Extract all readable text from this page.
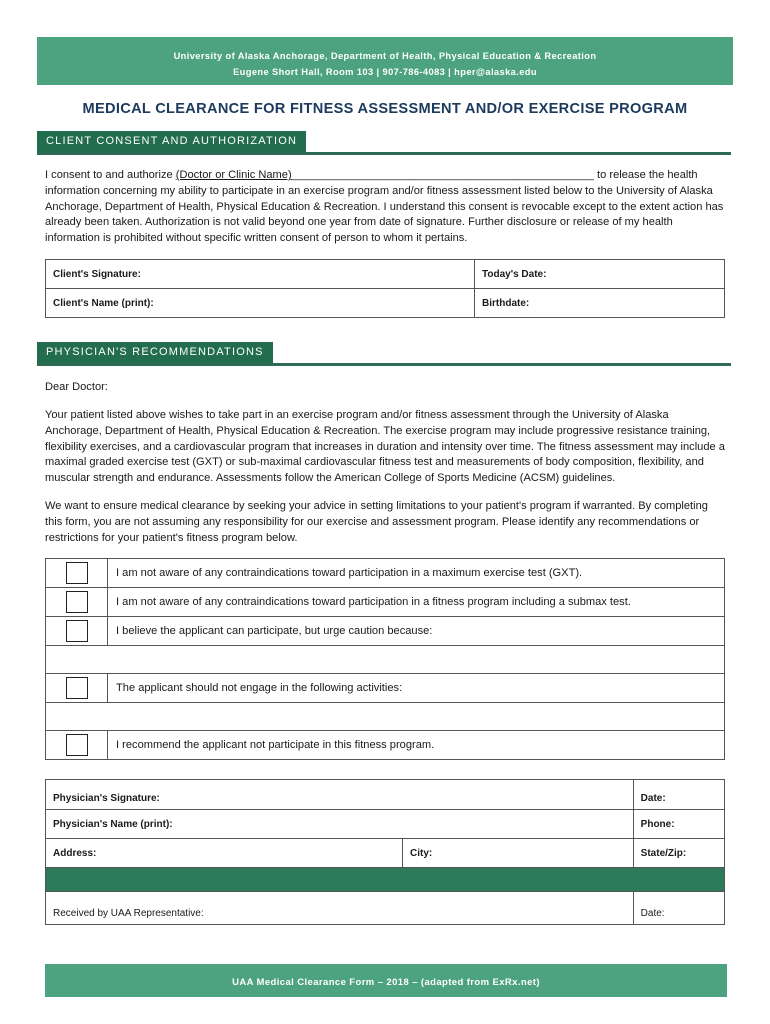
University of Alaska Anchorage, Department of Health, Physical Education & Recreation
Eugene Short Hall, Room 103 | 907-786-4083 | hper@alaska.edu
MEDICAL CLEARANCE FOR FITNESS ASSESSMENT AND/OR EXERCISE PROGRAM
CLIENT CONSENT AND AUTHORIZATION
I consent to and authorize (Doctor or Clinic Name)_________________________________________________ to release the health information concerning my ability to participate in an exercise program and/or fitness assessment listed below to the University of Alaska Anchorage, Department of Health, Physical Education & Recreation. I understand this consent is revocable except to the extent action has already been taken. Authorization is not valid beyond one year from date of signature. Further disclosure or release of my health information is prohibited without specific written consent of person to whom it pertains.
Client's Signature:	Today's Date:
Client's Name (print):	Birthdate:
PHYSICIAN'S RECOMMENDATIONS
Dear Doctor:
Your patient listed above wishes to take part in an exercise program and/or fitness assessment through the University of Alaska Anchorage, Department of Health, Physical Education & Recreation. The exercise program may include progressive resistance training, flexibility exercises, and a cardiovascular program that increases in duration and intensity over time. The fitness assessment may include a maximal graded exercise test (GXT) or sub-maximal cardiovascular fitness test and measurements of body composition, flexibility, and muscular strength and endurance. Assessments follow the American College of Sports Medicine (ACSM) guidelines.
We want to ensure medical clearance by seeking your advice in setting limitations to your patient's program if warranted. By completing this form, you are not assuming any responsibility for our exercise and assessment program. Please identify any recommendations or restrictions for your patient's fitness program below.
	I am not aware of any contraindications toward participation in a maximum exercise test (GXT).
	I am not aware of any contraindications toward participation in a fitness program including a submax test.
	I believe the applicant can participate, but urge caution because:

	The applicant should not engage in the following activities:

	I recommend the applicant not participate in this fitness program.

Physician's Signature:		Date:
Physician's Name (print):		Phone:
Address:	City:	State/Zip:

Received by UAA Representative:		Date:
UAA Medical Clearance Form – 2018 – (adapted from ExRx.net)
